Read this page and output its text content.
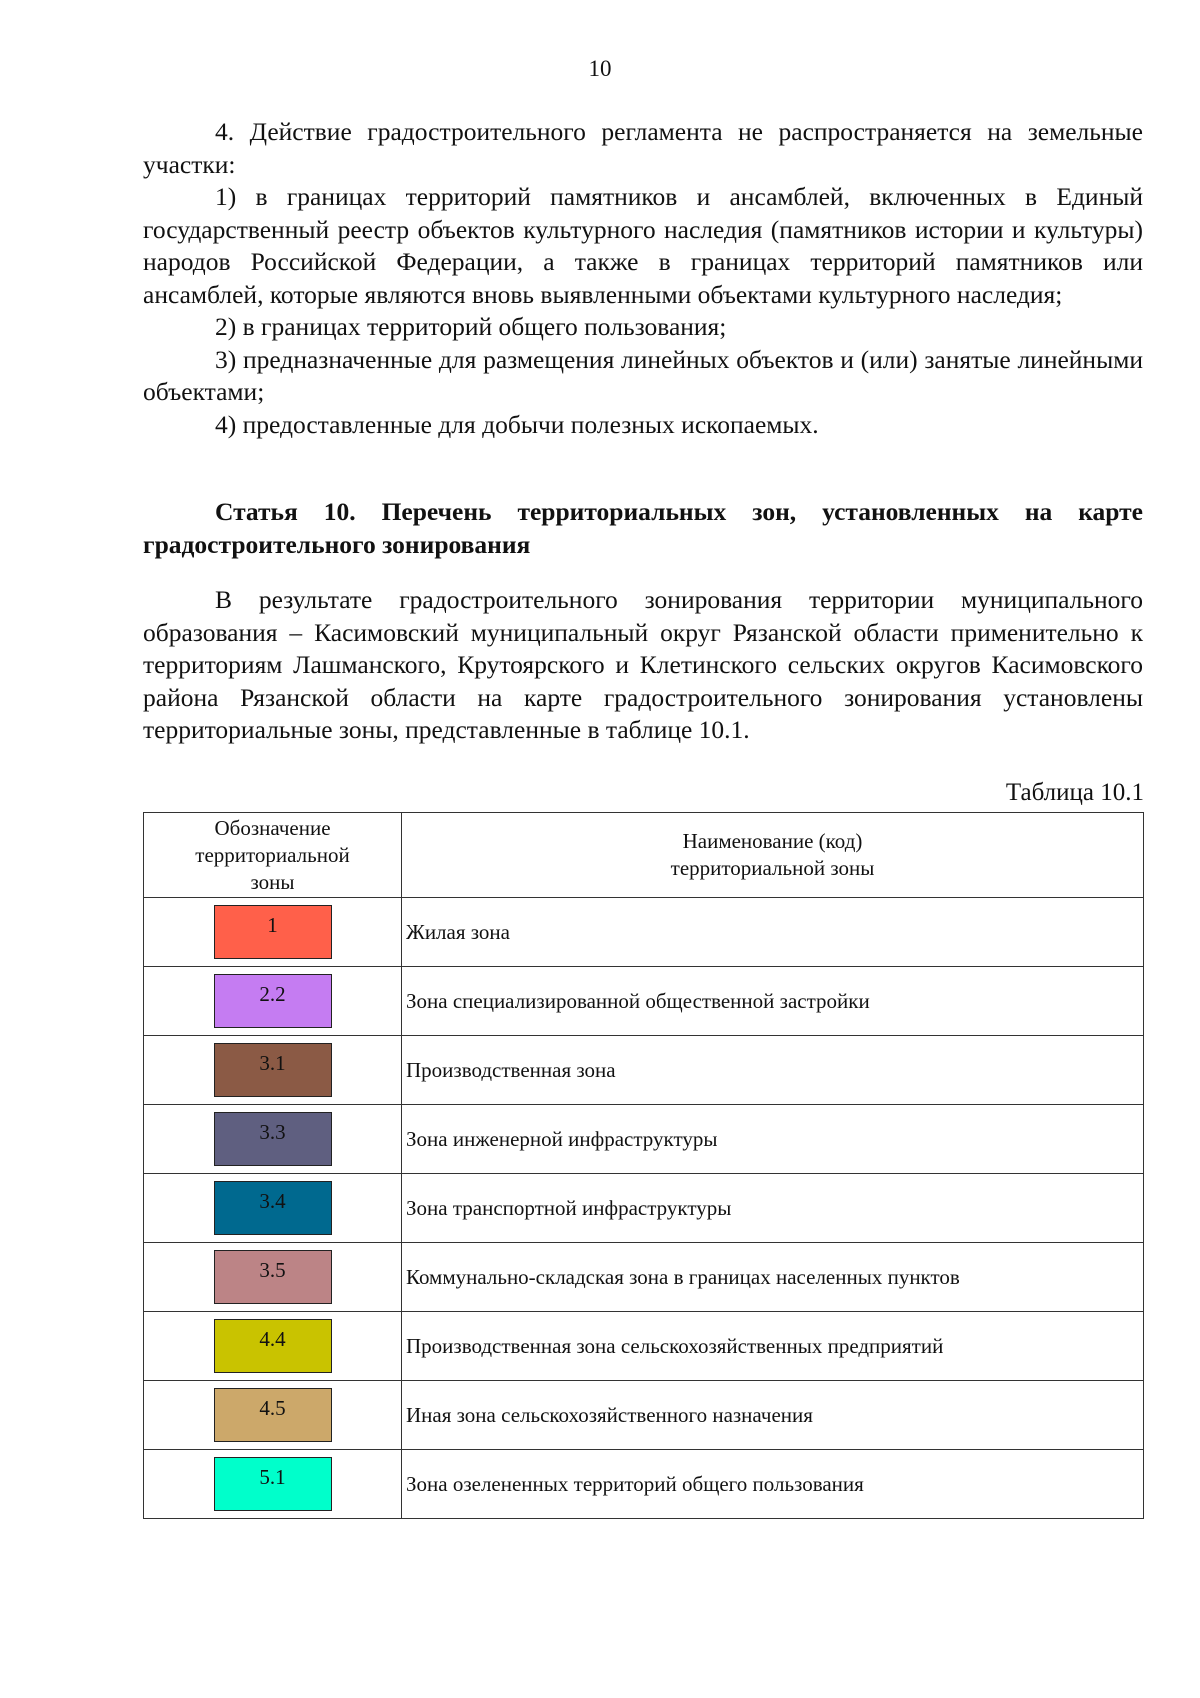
10

4. Действие градостроительного регламента не распространяется на земельные участки:

1) в границах территорий памятников и ансамблей, включенных в Единый государственный реестр объектов культурного наследия (памятников истории и культуры) народов Российской Федерации, а также в границах территорий памятников или ансамблей, которые являются вновь выявленными объектами культурного наследия;

2) в границах территорий общего пользования;

3) предназначенные для размещения линейных объектов и (или) занятые линейными объектами;

4) предоставленные для добычи полезных ископаемых.

Статья 10. Перечень территориальных зон, установленных на карте градостроительного зонирования
В результате градостроительного зонирования территории муниципального образования – Касимовский муниципальный округ Рязанской области применительно к территориям Лашманского, Крутоярского и Клетинского сельских округов Касимовского района Рязанской области на карте градостроительного зонирования установлены территориальные зоны, представленные в таблице 10.1.
Таблица 10.1
Обозначение территориальной зоны	Наименование (код) территориальной зоны

1	Жилая зона

2.2	Зона специализированной общественной застройки

3.1	Производственная зона

3.3	Зона инженерной инфраструктуры

3.4	Зона транспортной инфраструктуры

3.5	Коммунально-складская зона в границах населенных пунктов

4.4	Производственная зона сельскохозяйственных предприятий

4.5	Иная зона сельскохозяйственного назначения

5.1	Зона озелененных территорий общего пользования
